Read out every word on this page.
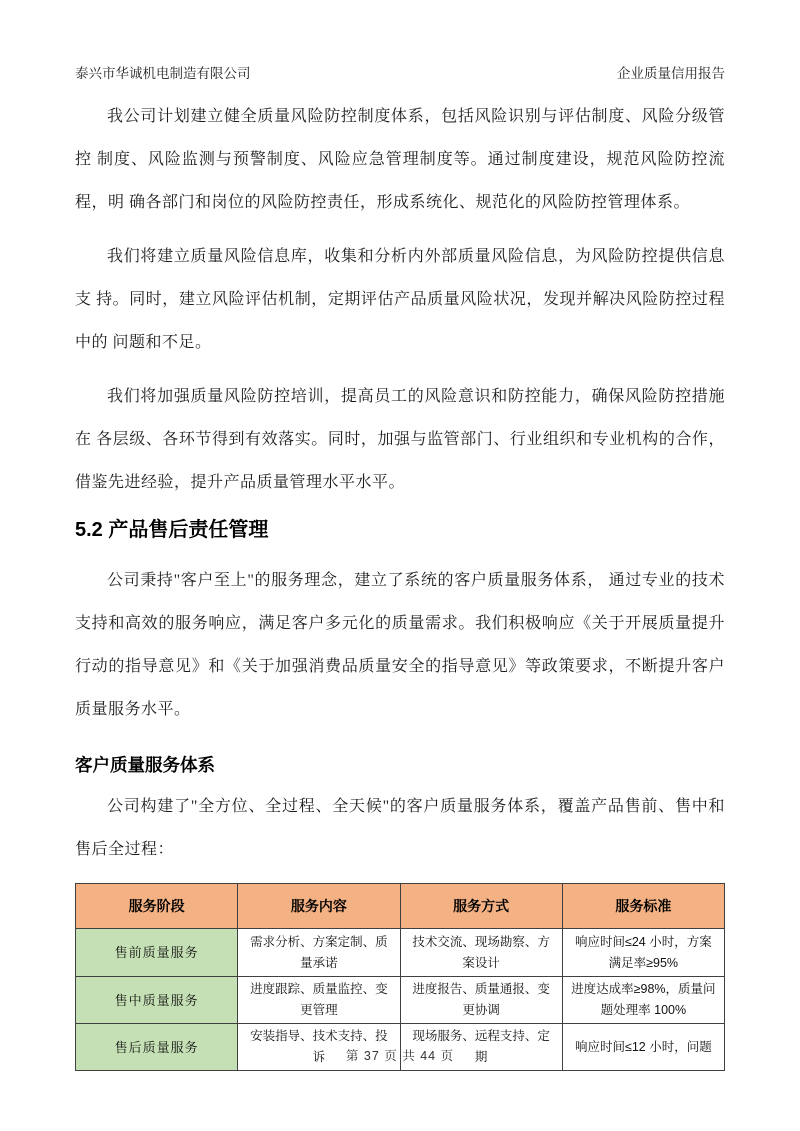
泰兴市华诚机电制造有限公司	企业质量信用报告

我公司计划建立健全质量风险防控制度体系，包括风险识别与评估制度、风险分级管控 制度、风险监测与预警制度、风险应急管理制度等。通过制度建设，规范风险防控流程，明 确各部门和岗位的风险防控责任，形成系统化、规范化的风险防控管理体系。

我们将建立质量风险信息库，收集和分析内外部质量风险信息，为风险防控提供信息支 持。同时，建立风险评估机制，定期评估产品质量风险状况，发现并解决风险防控过程中的 问题和不足。

我们将加强质量风险防控培训，提高员工的风险意识和防控能力，确保风险防控措施在 各层级、各环节得到有效落实。同时，加强与监管部门、行业组织和专业机构的合作，借鉴先进经验，提升产品质量管理水平水平。

5.2 产品售后责任管理

公司秉持"客户至上"的服务理念，建立了系统的客户质量服务体系， 通过专业的技术支持和高效的服务响应，满足客户多元化的质量需求。我们积极响应《关于开展质量提升行动的指导意见》和《关于加强消费品质量安全的指导意见》等政策要求，不断提升客户质量服务水平。

客户质量服务体系

公司构建了"全方位、全过程、全天候"的客户质量服务体系，覆盖产品售前、售中和售后全过程：

服务阶段	服务内容	服务方式	服务标准
售前质量服务	需求分析、方案定制、质量承诺	技术交流、现场勘察、方案设计	响应时间≤24 小时，方案满足率≥95%
售中质量服务	进度跟踪、质量监控、变更管理	进度报告、质量通报、变更协调	进度达成率≥98%，质量问题处理率 100%
售后质量服务	安装指导、技术支持、投诉	现场服务、远程支持、定期	响应时间≤12 小时，问题
第 37 页 共 44 页
